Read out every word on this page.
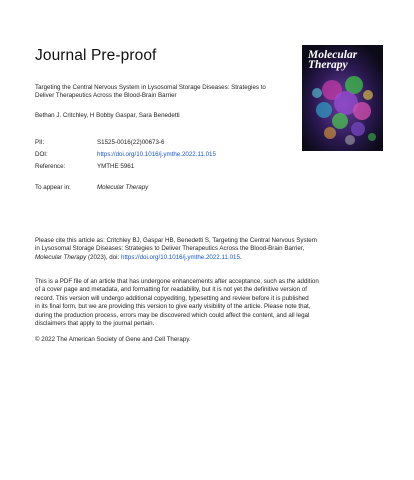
Journal Pre-proof	Molecular
Therapy
Targeting the Central Nervous System in Lysosomal Storage Diseases: Strategies to
Deliver Therapeutics Across the Blood-Brain Barrier
Bethan J. Critchley, H Bobby Gaspar, Sara Benedetti
PII:	S1525-0016(22)00673-6
DOI:	https://doi.org/10.1016/j.ymthe.2022.11.015
Reference:	YMTHE 5961
To appear in:	Molecular Therapy
Please cite this article as: Critchley BJ, Gaspar HB, Benedetti S, Targeting the Central Nervous System
in Lysosomal Storage Diseases: Strategies to Deliver Therapeutics Across the Blood-Brain Barrier,
Molecular Therapy (2023), doi: https://doi.org/10.1016/j.ymthe.2022.11.015.
This is a PDF file of an article that has undergone enhancements after acceptance, such as the addition
of a cover page and metadata, and formatting for readability, but it is not yet the definitive version of
record. This version will undergo additional copyediting, typesetting and review before it is published
in its final form, but we are providing this version to give early visibility of the article. Please note that,
during the production process, errors may be discovered which could affect the content, and all legal
disclaimers that apply to the journal pertain.
© 2022 The American Society of Gene and Cell Therapy.
